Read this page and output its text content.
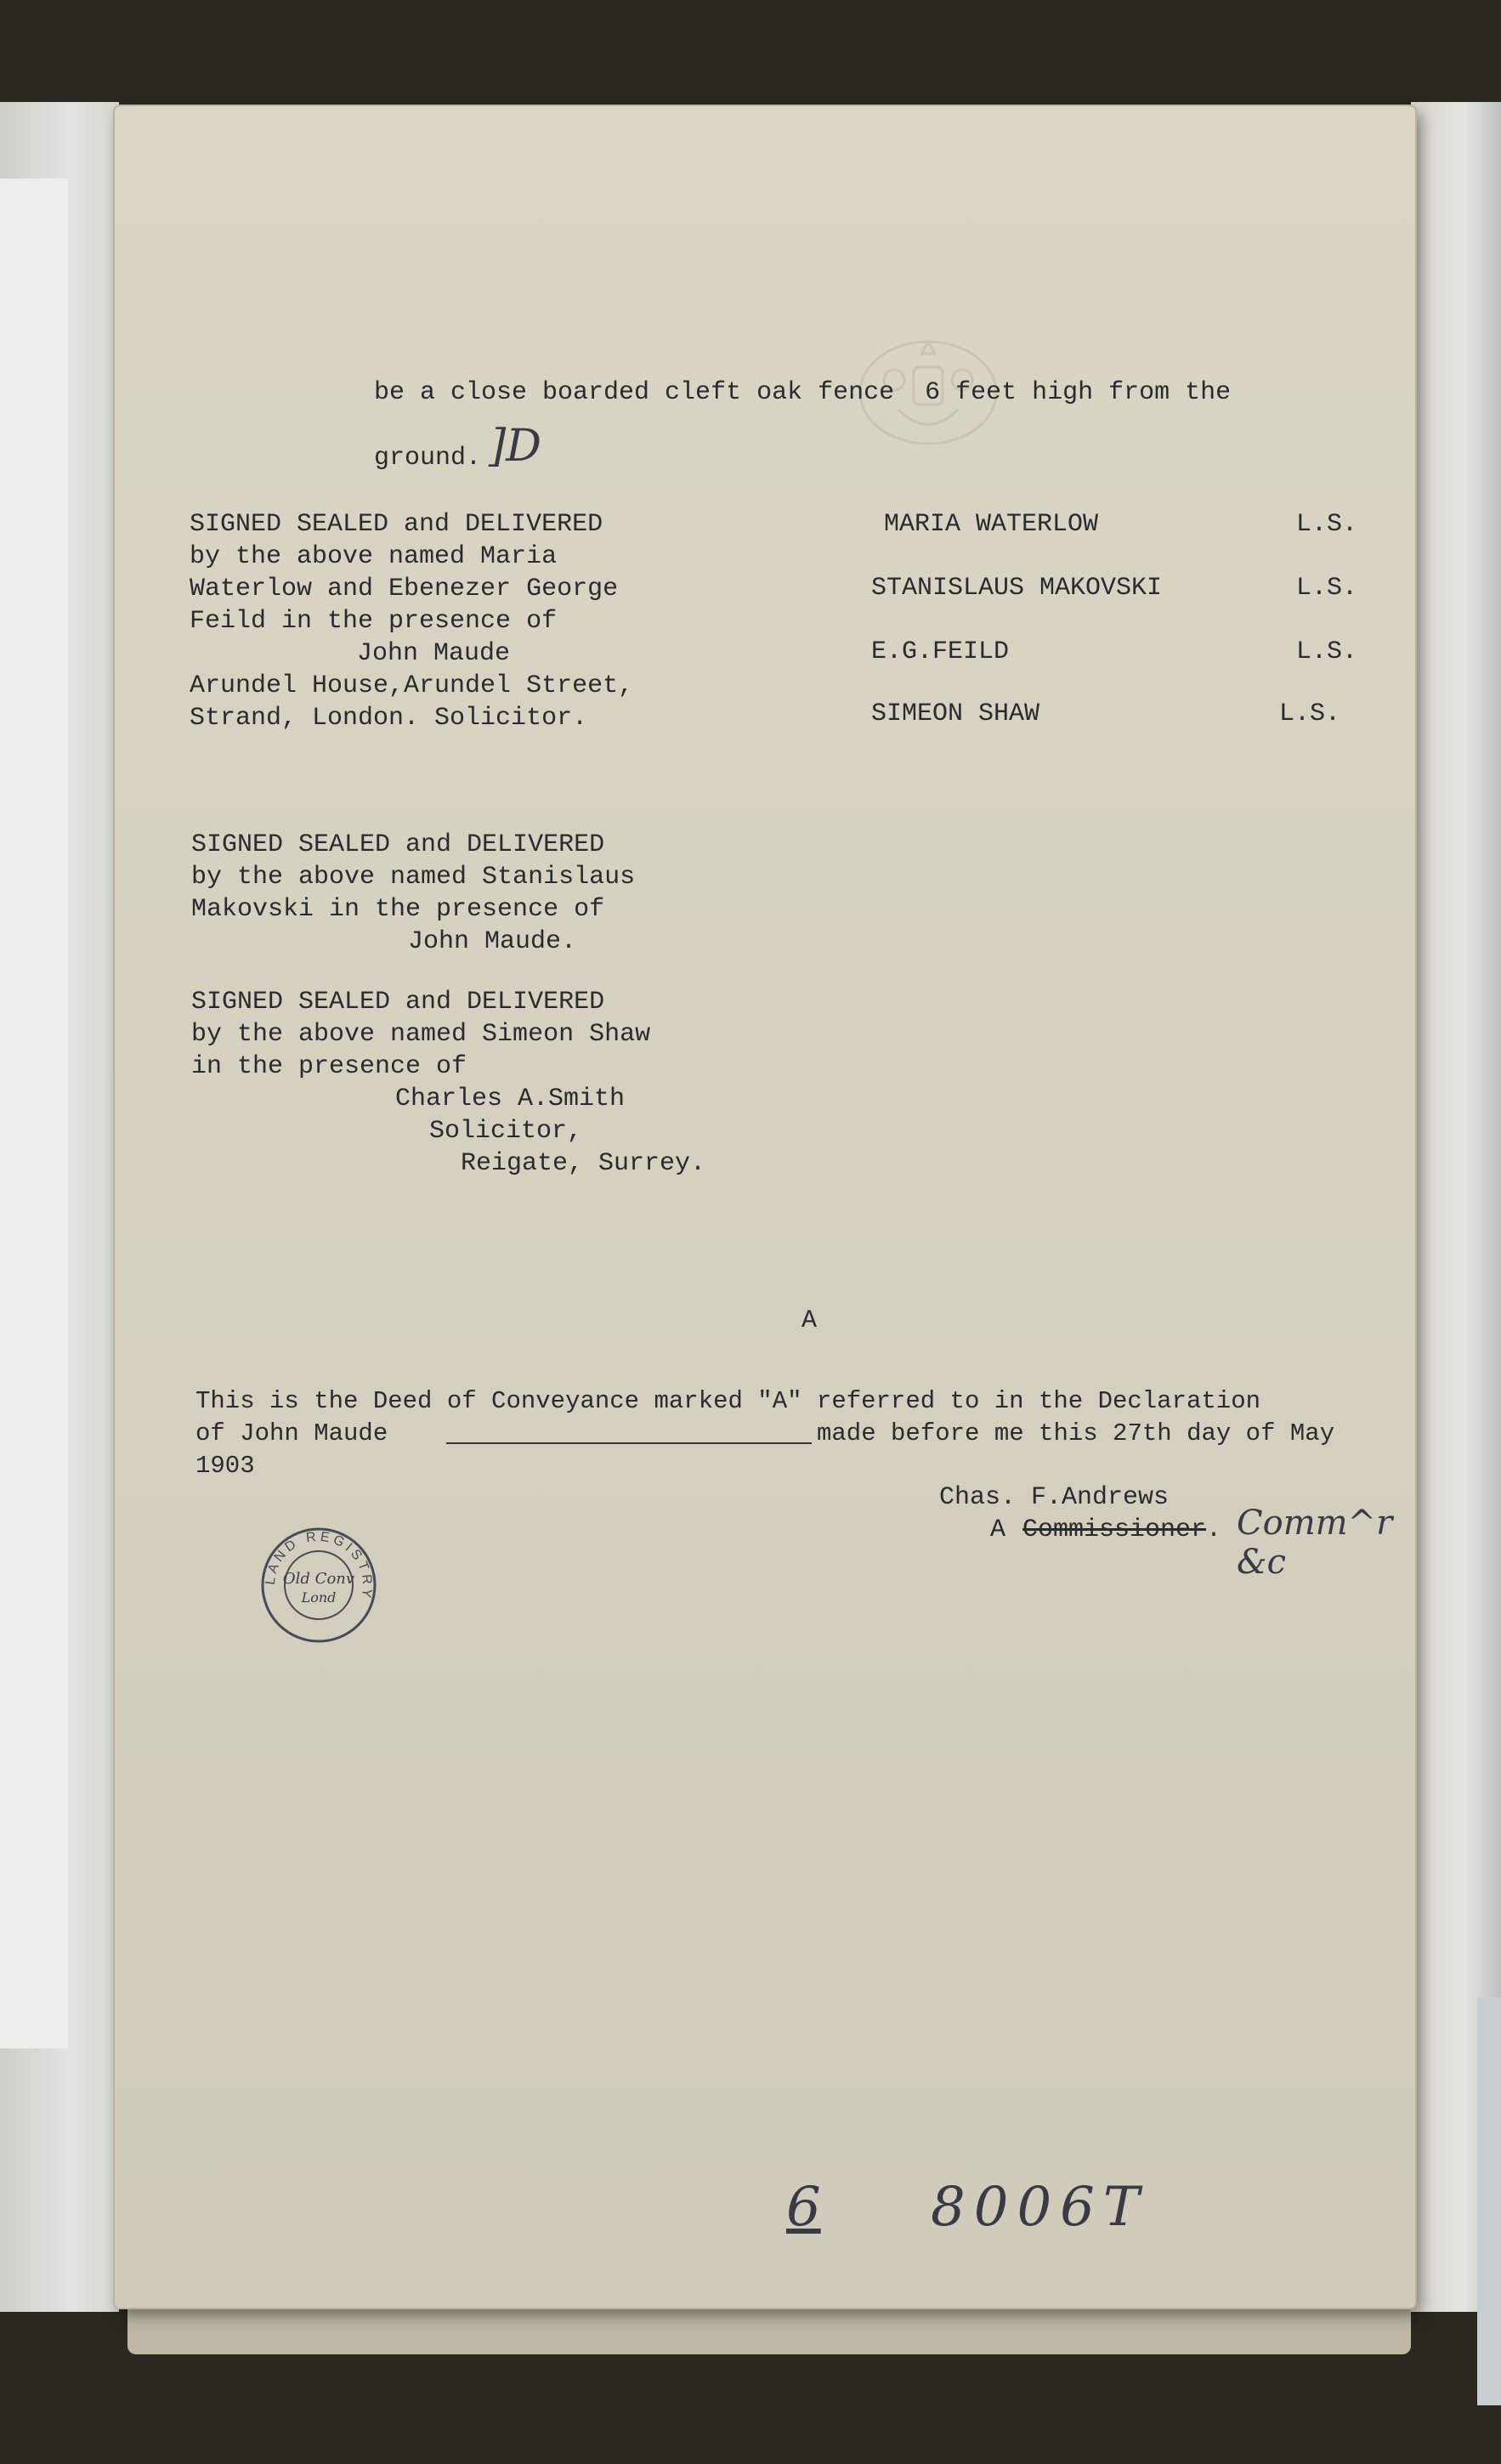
be a close boarded cleft oak fence  6 feet high from the

ground. ]D

SIGNED SEALED and DELIVERED

by the above named Maria

Waterlow and Ebenezer George

Feild in the presence of

John Maude

Arundel House,Arundel Street,

Strand, London. Solicitor.

MARIA WATERLOW	L.S.

STANISLAUS MAKOVSKI	L.S.

E.G.FEILD	L.S.

SIMEON SHAW	L.S.

SIGNED SEALED and DELIVERED

by the above named Stanislaus

Makovski in the presence of

John Maude.

SIGNED SEALED and DELIVERED

by the above named Simeon Shaw

in the presence of

Charles A.Smith

Solicitor,

Reigate, Surrey.

A

This is the Deed of Conveyance marked "A" referred to in the Declaration

of John Maude	made before me this 27th day of May

1903

Chas. F.Andrews

A Commissioner . Comm^r &c
6 8006T
LAND REGISTRY
Old Conv
Lond
